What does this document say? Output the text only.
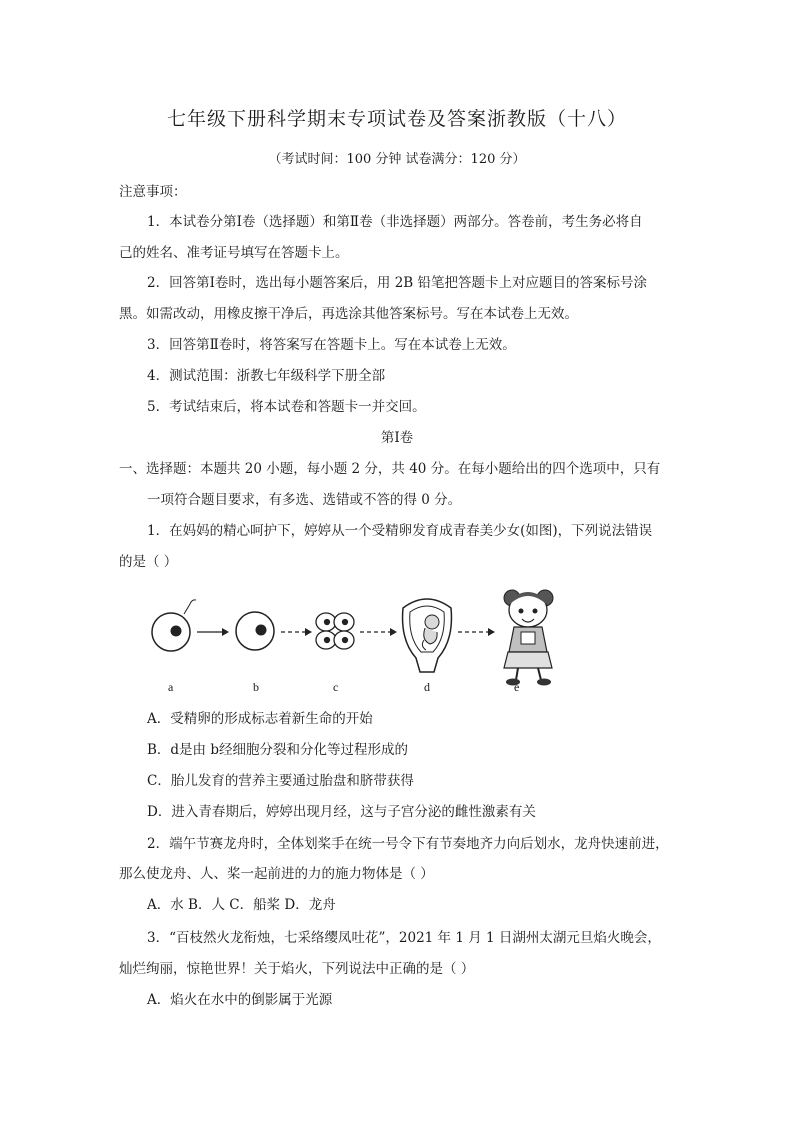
七年级下册科学期末专项试卷及答案浙教版（十八）
（考试时间：100 分钟 试卷满分：120 分）
注意事项：
1．本试卷分第Ⅰ卷（选择题）和第Ⅱ卷（非选择题）两部分。答卷前，考生务必将自
己的姓名、准考证号填写在答题卡上。
2．回答第Ⅰ卷时，选出每小题答案后，用 2B 铅笔把答题卡上对应题目的答案标号涂
黑。如需改动，用橡皮擦干净后，再选涂其他答案标号。写在本试卷上无效。
3．回答第Ⅱ卷时，将答案写在答题卡上。写在本试卷上无效。
4．测试范围：浙教七年级科学下册全部
5．考试结束后，将本试卷和答题卡一并交回。
第Ⅰ卷
一、选择题：本题共 20 小题，每小题 2 分，共 40 分。在每小题给出的四个选项中，只有
一项符合题目要求，有多选、选错或不答的得 0 分。
1．在妈妈的精心呵护下，婷婷从一个受精卵发育成青春美少女(如图)，下列说法错误
的是（ ）
a	b	c	d	e
A．受精卵的形成标志着新生命的开始
B．d是由 b经细胞分裂和分化等过程形成的
C．胎儿发育的营养主要通过胎盘和脐带获得
D．进入青春期后，婷婷出现月经，这与子宫分泌的雌性激素有关
2．端午节赛龙舟时，全体划桨手在统一号令下有节奏地齐力向后划水，龙舟快速前进，
那么使龙舟、人、桨一起前进的力的施力物体是（ ）
A．水 B．人 C．船桨 D．龙舟
3．“百枝然火龙衔烛，七采络缨凤吐花”，2021 年 1 月 1 日湖州太湖元旦焰火晚会，
灿烂绚丽，惊艳世界！关于焰火，下列说法中正确的是（ ）
A．焰火在水中的倒影属于光源
